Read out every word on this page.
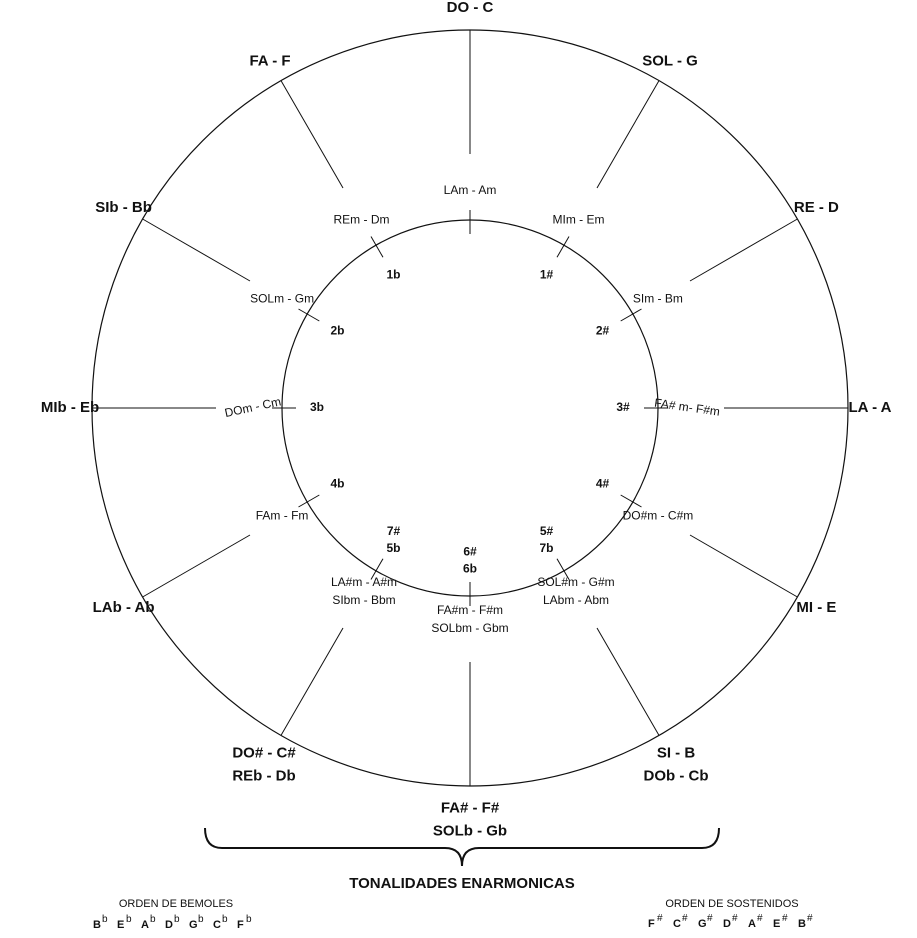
DO - C
LAm - Am
SOL - G
MIm - Em
1#
RE - D
SIm - Bm
2#
LA - A
FA# m- F#m
3#
MI - E
DO#m - C#m
4#
SI - B
DOb - Cb
SOL#m - G#m
LAbm - Abm
5#
7b
FA# - F#
SOLb - Gb
FA#m - F#m
SOLbm - Gbm
6#
6b
DO# - C#
REb - Db
LA#m - A#m
SIbm - Bbm
7#
5b
LAb - Ab
FAm - Fm
4b
MIb - Eb	DOm - Cm 3b
SIb - Bb
SOLm - Gm
2b
FA - F
REm - Dm
1b
TONALIDADES ENARMONICAS
ORDEN DE BEMOLES
B b E b A b D b G b C b F b
ORDEN DE SOSTENIDOS
F # C # G # D # A # E # B #
